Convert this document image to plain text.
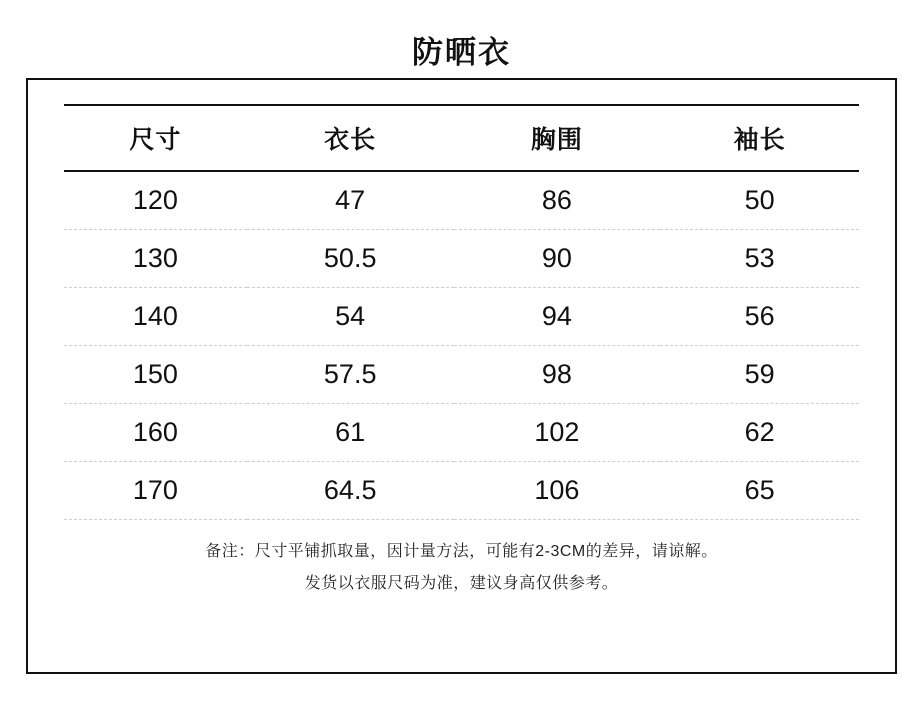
防晒衣
尺寸	衣长	胸围	袖长
120	47	86	50
130	50.5	90	53
140	54	94	56
150	57.5	98	59
160	61	102	62
170	64.5	106	65
备注：尺寸平铺抓取量，因计量方法，可能有2-3CM的差异，请谅解。
发货以衣服尺码为准，建议身高仅供参考。
